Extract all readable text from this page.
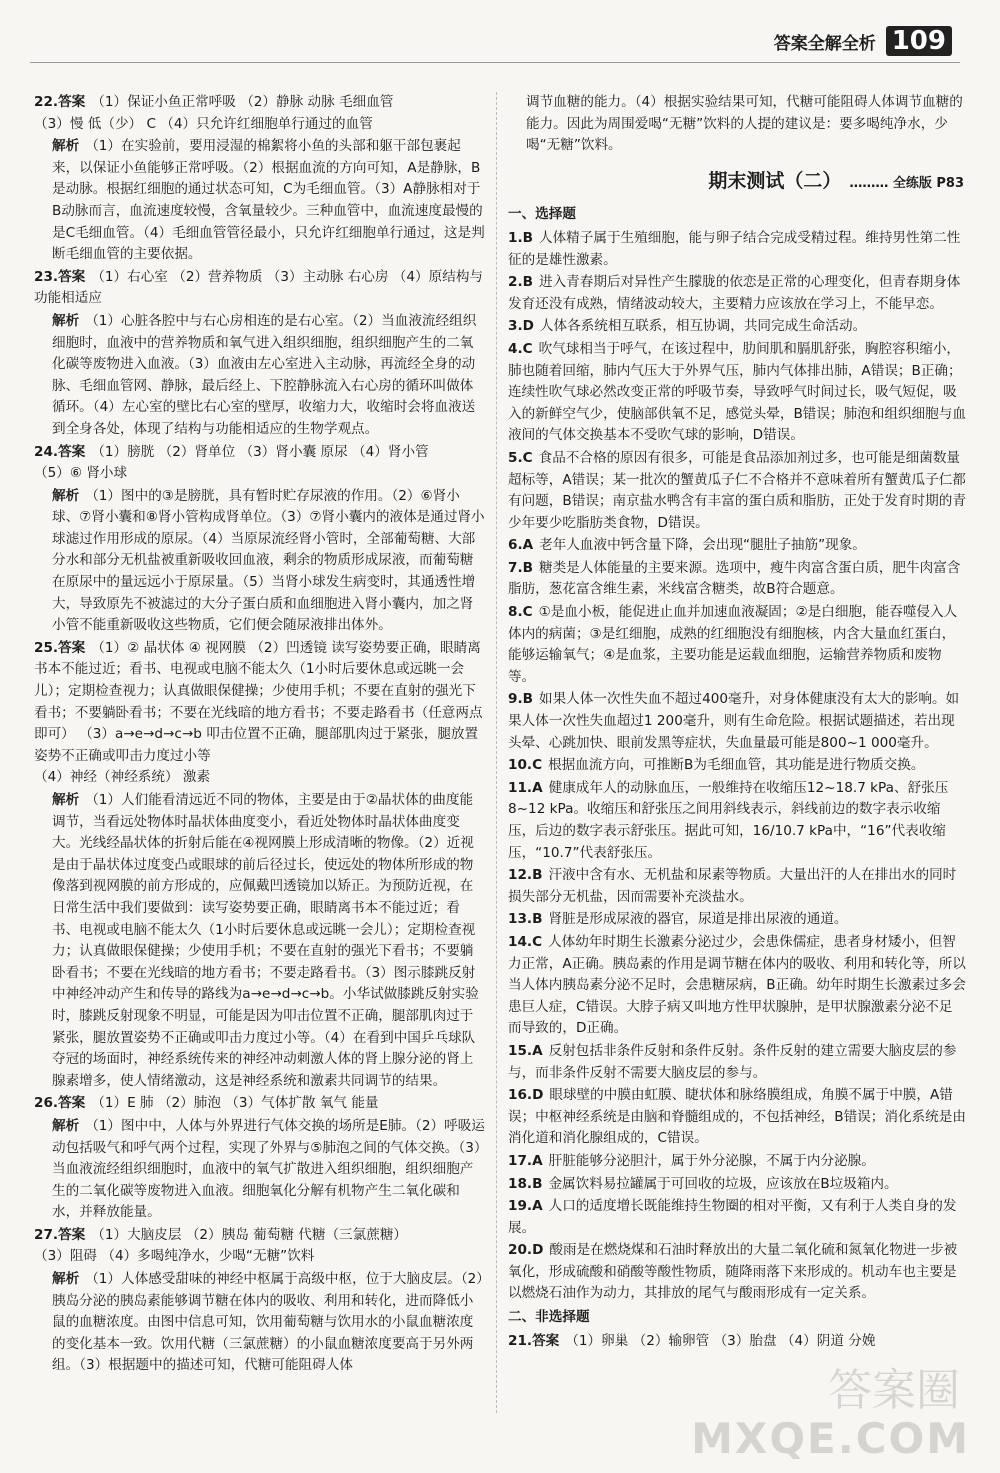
答案全解全析 109
22.答案 （1）保证小鱼正常呼吸 （2）静脉 动脉 毛细血管
（3）慢 低（少） C （4）只允许红细胞单行通过的血管
解析 （1）在实验前，要用浸湿的棉絮将小鱼的头部和躯干部包裹起来，以保证小鱼能够正常呼吸。（2）根据血流的方向可知，A是静脉，B是动脉。根据红细胞的通过状态可知，C为毛细血管。（3）A静脉相对于B动脉而言，血流速度较慢，含氧量较少。三种血管中，血流速度最慢的是C毛细血管。（4）毛细血管管径最小，只允许红细胞单行通过，这是判断毛细血管的主要依据。
23.答案 （1）右心室 （2）营养物质 （3）主动脉 右心房 （4）原结构与功能相适应
解析 （1）心脏各腔中与右心房相连的是右心室。（2）当血液流经组织细胞时，血液中的营养物质和氧气进入组织细胞，组织细胞产生的二氧化碳等废物进入血液。（3）血液由左心室进入主动脉，再流经全身的动脉、毛细血管网、静脉，最后经上、下腔静脉流入右心房的循环叫做体循环。（4）左心室的壁比右心室的壁厚，收缩力大，收缩时会将血液送到全身各处，体现了结构与功能相适应的生物学观点。
24.答案 （1）膀胱 （2）肾单位 （3）肾小囊 原尿 （4）肾小管
（5）⑥ 肾小球
解析 （1）图中的③是膀胱，具有暂时贮存尿液的作用。（2）⑥肾小球、⑦肾小囊和⑧肾小管构成肾单位。（3）⑦肾小囊内的液体是通过肾小球滤过作用形成的原尿。（4）当原尿流经肾小管时，全部葡萄糖、大部分水和部分无机盐被重新吸收回血液，剩余的物质形成尿液，而葡萄糖在原尿中的量远远小于原尿量。（5）当肾小球发生病变时，其通透性增大，导致原先不被滤过的大分子蛋白质和血细胞进入肾小囊内，加之肾小管不能重新吸收这些物质，它们便会随尿液排出体外。
25.答案 （1）② 晶状体 ④ 视网膜 （2）凹透镜 读写姿势要正确，眼睛离书本不能过近；看书、电视或电脑不能太久（1小时后要休息或远眺一会儿）；定期检查视力；认真做眼保健操；少使用手机；不要在直射的强光下看书；不要躺卧看书；不要在光线暗的地方看书；不要走路看书（任意两点即可） （3）a→e→d→c→b 叩击位置不正确，腿部肌肉过于紧张，腿放置姿势不正确或叩击力度过小等
（4）神经（神经系统） 激素
解析 （1）人们能看清远近不同的物体，主要是由于②晶状体的曲度能调节，当看远处物体时晶状体曲度变小，看近处物体时晶状体曲度变大。光线经晶状体的折射后能在④视网膜上形成清晰的物像。（2）近视是由于晶状体过度变凸或眼球的前后径过长，使远处的物体所形成的物像落到视网膜的前方形成的，应佩戴凹透镜加以矫正。为预防近视，在日常生活中我们要做到：读写姿势要正确，眼睛离书本不能过近；看书、电视或电脑不能太久（1小时后要休息或远眺一会儿）；定期检查视力；认真做眼保健操；少使用手机；不要在直射的强光下看书；不要躺卧看书；不要在光线暗的地方看书；不要走路看书。（3）图示膝跳反射中神经冲动产生和传导的路线为a→e→d→c→b。小华试做膝跳反射实验时，膝跳反射现象不明显，可能是因为叩击位置不正确，腿部肌肉过于紧张，腿放置姿势不正确或叩击力度过小等。（4）在看到中国乒乓球队夺冠的场面时，神经系统传来的神经冲动刺激人体的肾上腺分泌的肾上腺素增多，使人情绪激动，这是神经系统和激素共同调节的结果。
26.答案 （1）E 肺 （2）肺泡 （3）气体扩散 氧气 能量
解析 （1）图中中，人体与外界进行气体交换的场所是E肺。（2）呼吸运动包括吸气和呼气两个过程，实现了外界与⑤肺泡之间的气体交换。（3）当血液流经组织细胞时，血液中的氧气扩散进入组织细胞，组织细胞产生的二氧化碳等废物进入血液。细胞氧化分解有机物产生二氧化碳和水，并释放能量。
27.答案 （1）大脑皮层 （2）胰岛 葡萄糖 代糖（三氯蔗糖）
（3）阻碍 （4）多喝纯净水，少喝“无糖”饮料
解析 （1）人体感受甜味的神经中枢属于高级中枢，位于大脑皮层。（2）胰岛分泌的胰岛素能够调节糖在体内的吸收、利用和转化，进而降低小鼠的血糖浓度。由图中信息可知，饮用葡萄糖与饮用水的小鼠血糖浓度的变化基本一致。饮用代糖（三氯蔗糖）的小鼠血糖浓度要高于另外两组。（3）根据题中的描述可知，代糖可能阻碍人体

调节血糖的能力。（4）根据实验结果可知，代糖可能阻碍人体调节血糖的能力。因此为周围爱喝“无糖”饮料的人提的建议是：要多喝纯净水，少喝“无糖”饮料。

期末测试（二） ……… 全练版 P83
一、选择题

1.B 人体精子属于生殖细胞，能与卵子结合完成受精过程。维持男性第二性征的是雄性激素。

2.B 进入青春期后对异性产生朦胧的依恋是正常的心理变化，但青春期身体发育还没有成熟，情绪波动较大，主要精力应该放在学习上，不能早恋。

3.D 人体各系统相互联系，相互协调，共同完成生命活动。

4.C 吹气球相当于呼气，在该过程中，肋间肌和膈肌舒张，胸腔容积缩小，肺也随着回缩，肺内气压大于外界气压，肺内气体排出肺，A错误；B正确；连续性吹气球必然改变正常的呼吸节奏，导致呼气时间过长，吸气短促，吸入的新鲜空气少，使脑部供氧不足，感觉头晕，B错误；肺泡和组织细胞与血液间的气体交换基本不受吹气球的影响，D错误。

5.C 食品不合格的原因有很多，可能是食品添加剂过多，也可能是细菌数量超标等，A错误；某一批次的蟹黄瓜子仁不合格并不意味着所有蟹黄瓜子仁都有问题，B错误；南京盐水鸭含有丰富的蛋白质和脂肪，正处于发育时期的青少年要少吃脂肪类食物，D错误。

6.A 老年人血液中钙含量下降，会出现“腿肚子抽筋”现象。

7.B 糖类是人体能量的主要来源。选项中，瘦牛肉富含蛋白质，肥牛肉富含脂肪，葱花富含维生素，米线富含糖类，故B符合题意。

8.C ①是血小板，能促进止血并加速血液凝固；②是白细胞，能吞噬侵入人体内的病菌；③是红细胞，成熟的红细胞没有细胞核，内含大量血红蛋白，能够运输氧气；④是血浆，主要功能是运载血细胞，运输营养物质和废物等。

9.B 如果人体一次性失血不超过400毫升，对身体健康没有太大的影响。如果人体一次性失血超过1 200毫升，则有生命危险。根据试题描述，若出现头晕、心跳加快、眼前发黑等症状，失血量最可能是800~1 000毫升。

10.C 根据血流方向，可推断B为毛细血管，其功能是进行物质交换。

11.A 健康成年人的动脉血压，一般维持在收缩压12~18.7 kPa、舒张压8~12 kPa。收缩压和舒张压之间用斜线表示，斜线前边的数字表示收缩压，后边的数字表示舒张压。据此可知，16/10.7 kPa中，“16”代表收缩压，“10.7”代表舒张压。

12.B 汗液中含有水、无机盐和尿素等物质。大量出汗的人在排出水的同时损失部分无机盐，因而需要补充淡盐水。

13.B 肾脏是形成尿液的器官，尿道是排出尿液的通道。

14.C 人体幼年时期生长激素分泌过少，会患侏儒症，患者身材矮小，但智力正常，A正确。胰岛素的作用是调节糖在体内的吸收、利用和转化等，所以当人体内胰岛素分泌不足时，会患糖尿病，B正确。幼年时期生长激素过多会患巨人症，C错误。大脖子病又叫地方性甲状腺肿，是甲状腺激素分泌不足而导致的，D正确。

15.A 反射包括非条件反射和条件反射。条件反射的建立需要大脑皮层的参与，而非条件反射不需要大脑皮层的参与。

16.D 眼球壁的中膜由虹膜、睫状体和脉络膜组成，角膜不属于中膜，A错误；中枢神经系统是由脑和脊髓组成的，不包括神经，B错误；消化系统是由消化道和消化腺组成的，C错误。

17.A 肝脏能够分泌胆汁，属于外分泌腺，不属于内分泌腺。

18.B 金属饮料易拉罐属于可回收的垃圾，应该放在B垃圾箱内。

19.A 人口的适度增长既能维持生物圈的相对平衡，又有利于人类自身的发展。

20.D 酸雨是在燃烧煤和石油时释放出的大量二氧化硫和氮氧化物进一步被氧化，形成硫酸和硝酸等酸性物质，随降雨落下来形成的。机动车也主要是以燃烧石油作为动力，其排放的尾气与酸雨形成有一定关系。

二、非选择题

21.答案 （1）卵巢 （2）输卵管 （3）胎盘 （4）阴道 分娩

答案圈
MXQE.COM
